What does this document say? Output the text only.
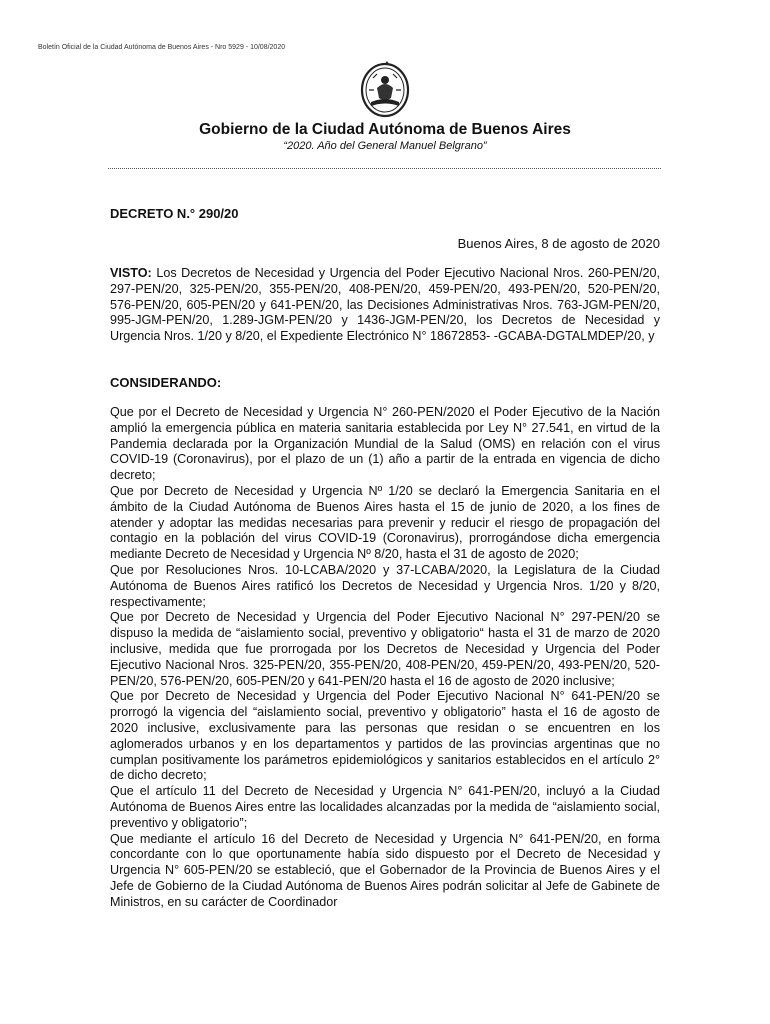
Boletín Oficial de la Ciudad Autónoma de Buenos Aires - Nro 5929 - 10/08/2020
Gobierno de la Ciudad Autónoma de Buenos Aires
“2020. Año del General Manuel Belgrano”
DECRETO N.° 290/20
Buenos Aires, 8 de agosto de 2020
VISTO: Los Decretos de Necesidad y Urgencia del Poder Ejecutivo Nacional Nros. 260-PEN/20, 297-PEN/20, 325-PEN/20, 355-PEN/20, 408-PEN/20, 459-PEN/20, 493-PEN/20, 520-PEN/20, 576-PEN/20, 605-PEN/20 y 641-PEN/20, las Decisiones Administrativas Nros. 763-JGM-PEN/20, 995-JGM-PEN/20, 1.289-JGM-PEN/20 y 1436-JGM-PEN/20, los Decretos de Necesidad y Urgencia Nros. 1/20 y 8/20, el Expediente Electrónico N° 18672853- -GCABA-DGTALMDEP/20, y
CONSIDERANDO:

Que por el Decreto de Necesidad y Urgencia N° 260-PEN/2020 el Poder Ejecutivo de la Nación amplió la emergencia pública en materia sanitaria establecida por Ley N° 27.541, en virtud de la Pandemia declarada por la Organización Mundial de la Salud (OMS) en relación con el virus COVID-19 (Coronavirus), por el plazo de un (1) año a partir de la entrada en vigencia de dicho decreto;

Que por Decreto de Necesidad y Urgencia Nº 1/20 se declaró la Emergencia Sanitaria en el ámbito de la Ciudad Autónoma de Buenos Aires hasta el 15 de junio de 2020, a los fines de atender y adoptar las medidas necesarias para prevenir y reducir el riesgo de propagación del contagio en la población del virus COVID-19 (Coronavirus), prorrogándose dicha emergencia mediante Decreto de Necesidad y Urgencia Nº 8/20, hasta el 31 de agosto de 2020;

Que por Resoluciones Nros. 10-LCABA/2020 y 37-LCABA/2020, la Legislatura de la Ciudad Autónoma de Buenos Aires ratificó los Decretos de Necesidad y Urgencia Nros. 1/20 y 8/20, respectivamente;

Que por Decreto de Necesidad y Urgencia del Poder Ejecutivo Nacional N° 297-PEN/20 se dispuso la medida de “aislamiento social, preventivo y obligatorio“ hasta el 31 de marzo de 2020 inclusive, medida que fue prorrogada por los Decretos de Necesidad y Urgencia del Poder Ejecutivo Nacional Nros. 325-PEN/20, 355-PEN/20, 408-PEN/20, 459-PEN/20, 493-PEN/20, 520-PEN/20, 576-PEN/20, 605-PEN/20 y 641-PEN/20 hasta el 16 de agosto de 2020 inclusive;

Que por Decreto de Necesidad y Urgencia del Poder Ejecutivo Nacional N° 641-PEN/20 se prorrogó la vigencia del “aislamiento social, preventivo y obligatorio” hasta el 16 de agosto de 2020 inclusive, exclusivamente para las personas que residan o se encuentren en los aglomerados urbanos y en los departamentos y partidos de las provincias argentinas que no cumplan positivamente los parámetros epidemiológicos y sanitarios establecidos en el artículo 2° de dicho decreto;

Que el artículo 11 del Decreto de Necesidad y Urgencia N° 641-PEN/20, incluyó a la Ciudad Autónoma de Buenos Aires entre las localidades alcanzadas por la medida de “aislamiento social, preventivo y obligatorio”;

Que mediante el artículo 16 del Decreto de Necesidad y Urgencia N° 641-PEN/20, en forma concordante con lo que oportunamente había sido dispuesto por el Decreto de Necesidad y Urgencia N° 605-PEN/20 se estableció, que el Gobernador de la Provincia de Buenos Aires y el Jefe de Gobierno de la Ciudad Autónoma de Buenos Aires podrán solicitar al Jefe de Gabinete de Ministros, en su carácter de Coordinador
